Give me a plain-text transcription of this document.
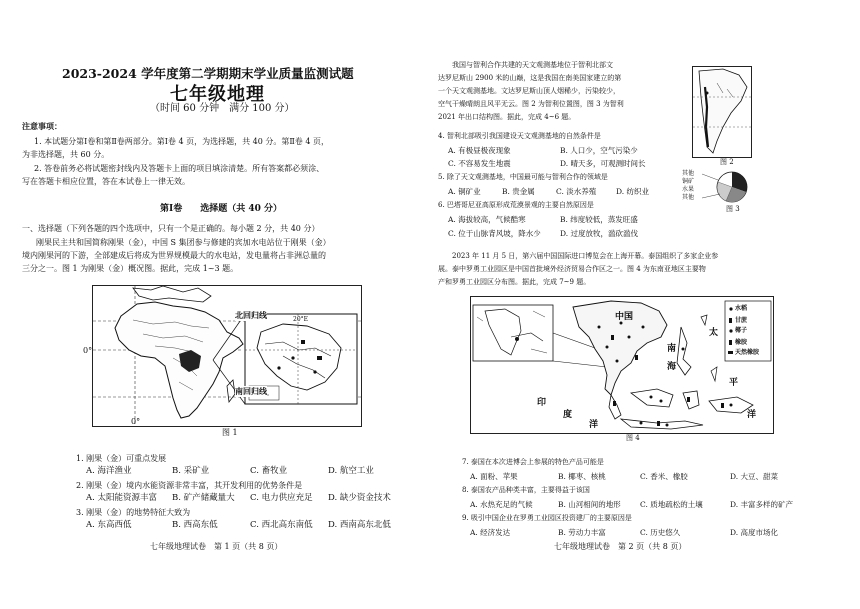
2023-2024 学年度第二学期期末学业质量监测试题
七年级地理
（时间 60 分钟　满分 100 分）
注意事项：
1. 本试题分第Ⅰ卷和第Ⅱ卷两部分。第Ⅰ卷 4 页，为选择题，共 40 分。第Ⅱ卷 4 页，
为非选择题，共 60 分。
2. 答卷前务必将试题密封线内及答题卡上面的项目填涂清楚。所有答案都必须涂、
写在答题卡相应位置，答在本试卷上一律无效。
第Ⅰ卷　　选择题（共 40 分）
一、选择题（下列各题的四个选项中，只有一个是正确的。每小题 2 分，共 40 分）
刚果民主共和国简称刚果（金），中国 S 集团参与修建的宾加水电站位于刚果（金）
境内刚果河的下游，全部建成后将成为世界规模最大的水电站，发电量将占非洲总量的
三分之一。图 1 为刚果（金）概况图。据此，完成 1~3 题。
北回归线
南回归线
0°
0°
20°E
图 1
1. 刚果（金）可重点发展
A. 海洋渔业	B. 采矿业	C. 畜牧业	D. 航空工业
2. 刚果（金）境内水能资源非常丰富，其开发利用的优势条件是
A. 太阳能资源丰富 B. 矿产储藏量大 C. 电力供应充足 D. 缺少资金技术
3. 刚果（金）的地势特征大致为
A. 东高西低	B. 西高东低	C. 西北高东南低 D. 西南高东北低
七年级地理试卷　第 1 页（共 8 页）
我国与智利合作共建的天文观测基地位于智利北部文
达罗尼斯山 2900 米的山巅，这是我国在南美国家建立的第
一个天文观测基地。文达罗尼斯山顶人烟稀少，污染较少，
空气干燥晴朗且风平无云。图 2 为智利位置图，图 3 为智利
2021 年出口结构图。据此，完成 4~6 题。
图 2
其他
铜矿
水果
其他
图 3
4. 智利北部吸引我国建设天文观测基地的自然条件是
A. 有极昼极夜现象	B. 人口少，空气污染少
C. 不容易发生地震	D. 晴天多，可观测时间长
5. 除了天文观测基地，中国最可能与智利合作的领域是
A. 铜矿业	B. 贵金属	C. 淡水养殖	D. 纺织业
6. 巴塔哥尼亚高原形成荒漠景观的主要自然原因是
A. 海拔较高，气候酷寒	B. 纬度较低，蒸发旺盛
C. 位于山脉背风坡，降水少	D. 过度放牧，滥砍滥伐
2023 年 11 月 5 日，第六届中国国际进口博览会在上海开幕。泰国组织了多家企业参
展。泰中罗勇工业园区是中国首批境外经济贸易合作区之一。图 4 为东南亚地区主要物
产和罗勇工业园区分布图。据此，完成 7~9 题。
中国
南
海
太
平
洋
印
度
洋
水稻
甘蔗
椰子
橡胶
天然橡胶
图 4
7. 泰国在本次进博会上参展的特色产品可能是
A. 面粉、苹果	B. 椰枣、核桃	C. 香米、橡胶	D. 大豆、甜菜
8. 泰国农产品种类丰富，主要得益于该国
A. 水热充足的气候	B. 山河相间的地形	C. 质地疏松的土壤	D. 丰富多样的矿产
9. 吸引中国企业在罗勇工业园区投资建厂的主要原因是
A. 经济发达	B. 劳动力丰富	C. 历史悠久	D. 高度市场化
七年级地理试卷　第 2 页（共 8 页）
